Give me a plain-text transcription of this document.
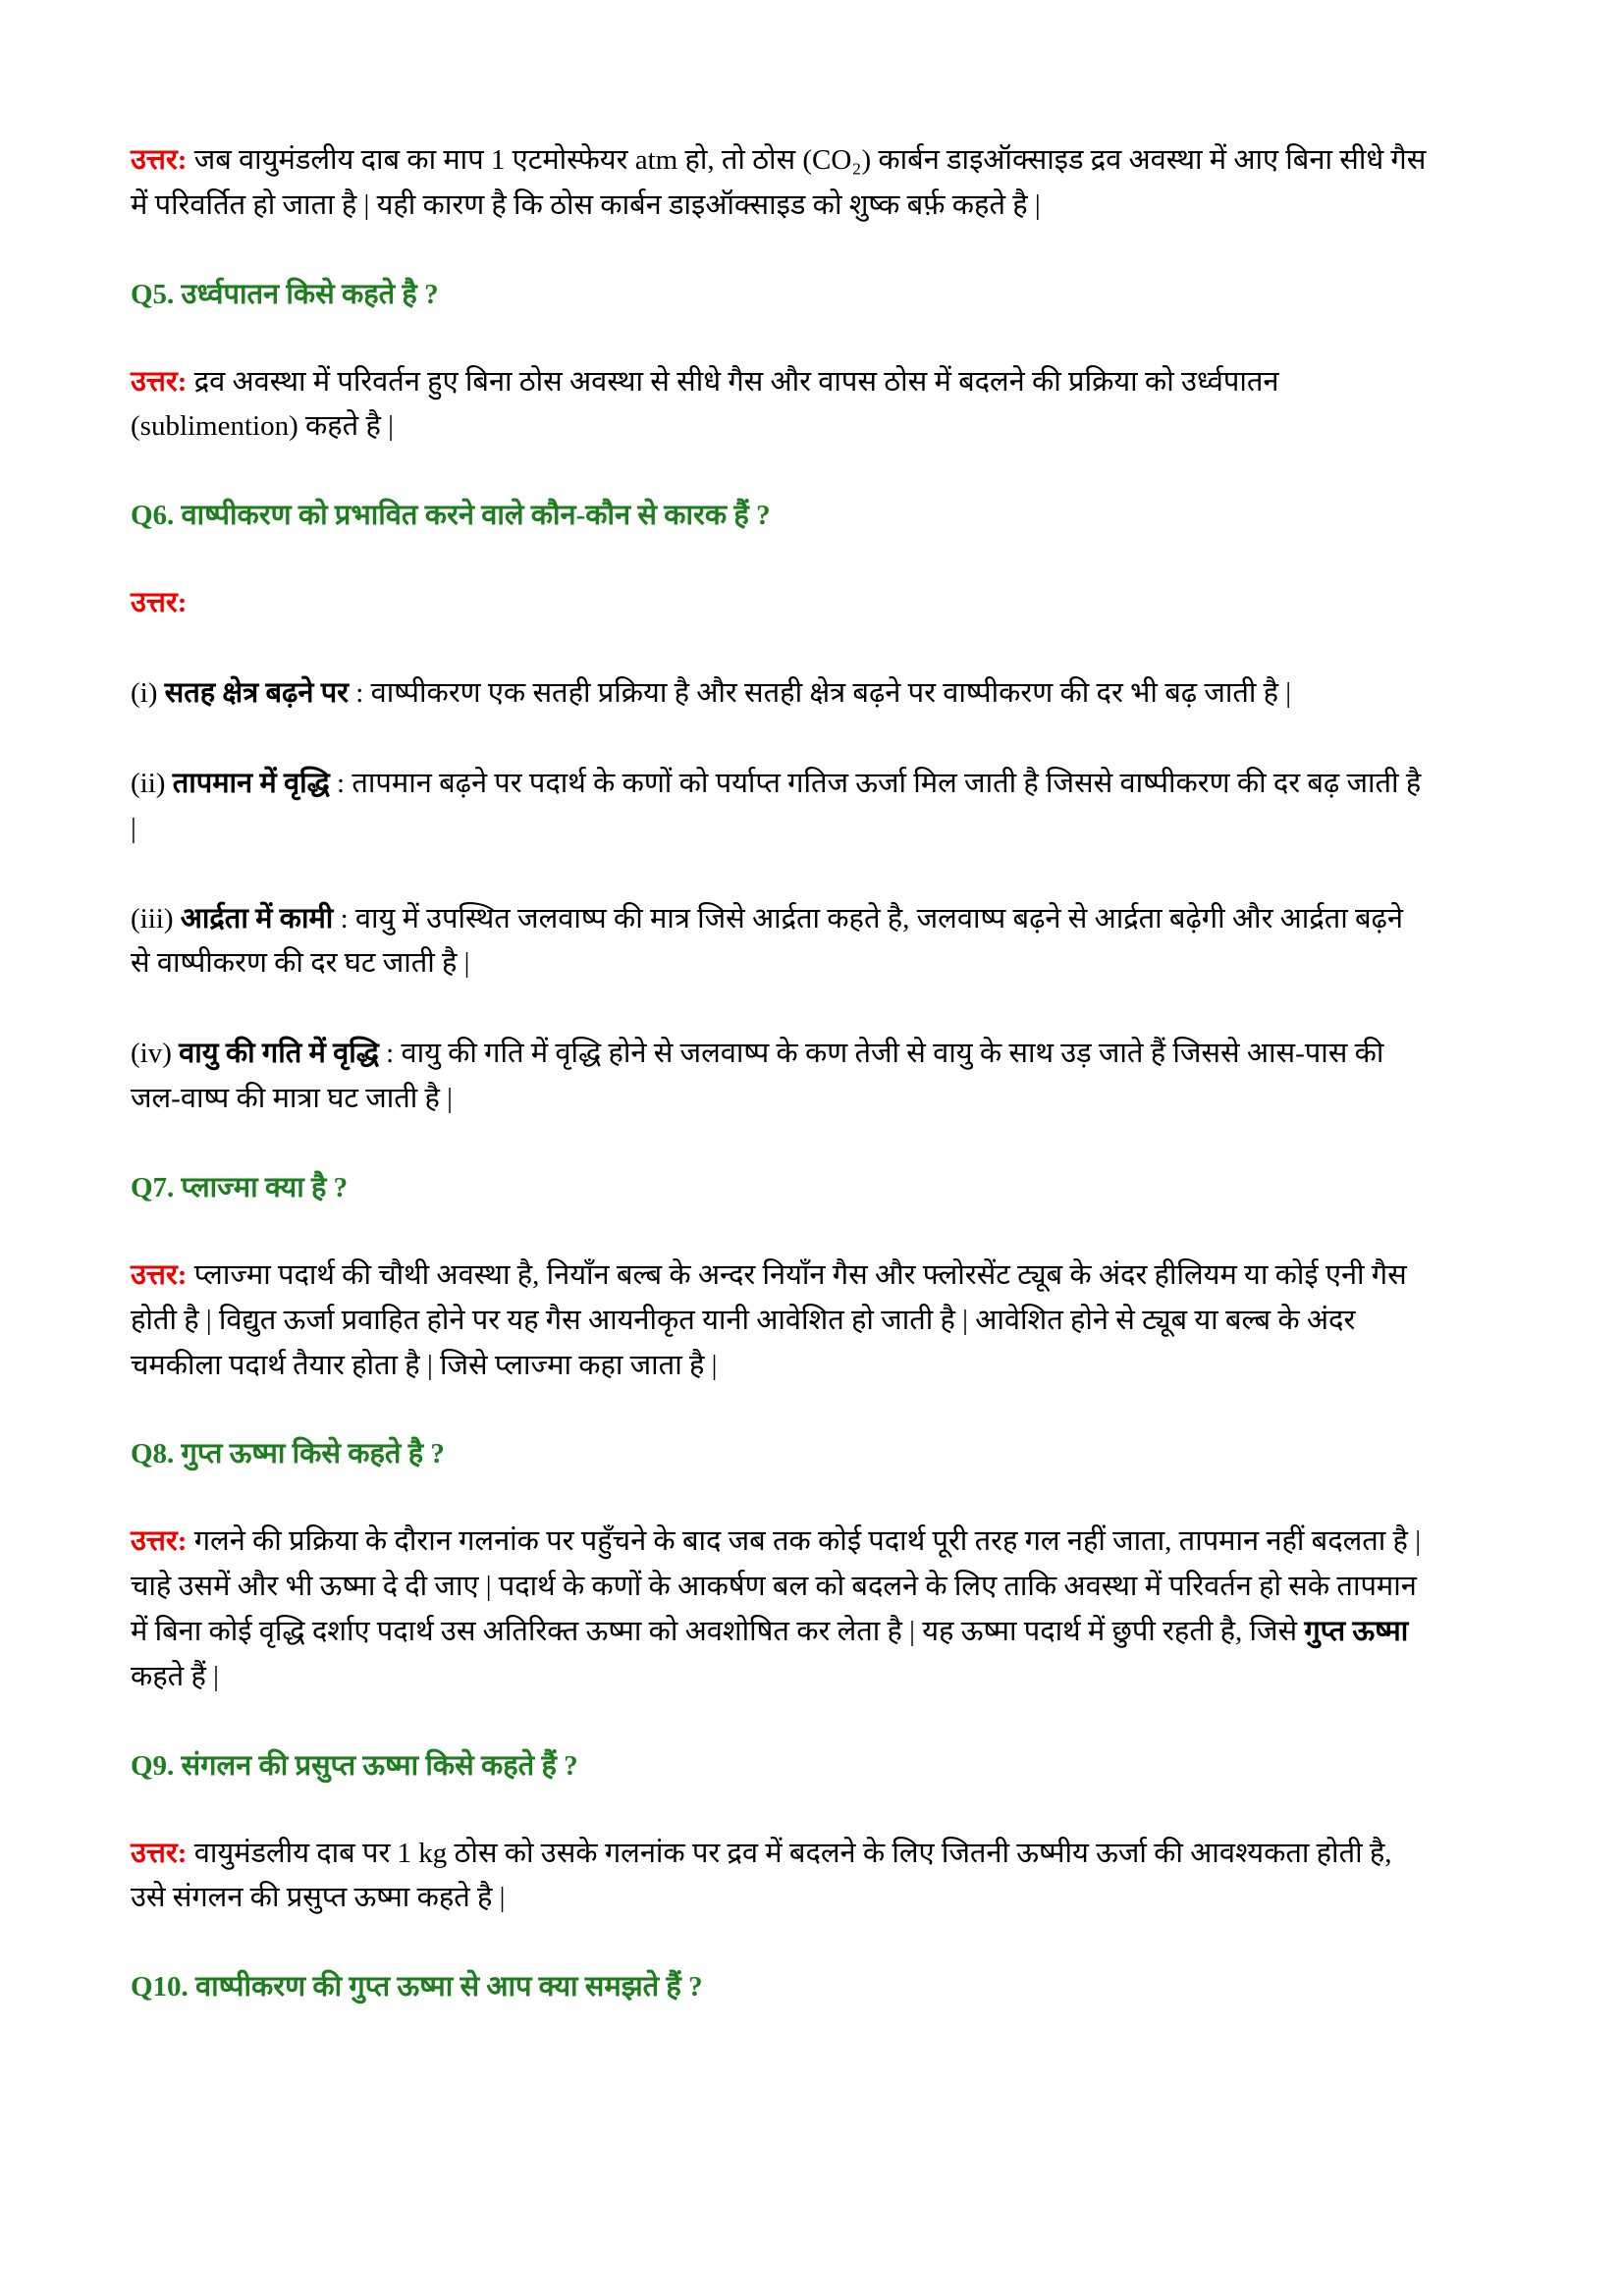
उत्तर: जब वायुमंडलीय दाब का माप 1 एटमोस्फेयर atm हो, तो ठोस (CO₂) कार्बन डाइऑक्साइड द्रव अवस्था में आए बिना सीधे गैस में परिवर्तित हो जाता है | यही कारण है कि ठोस कार्बन डाइऑक्साइड को शुष्क बर्फ़ कहते है |

Q5. उर्ध्वपातन किसे कहते है ?

उत्तर: द्रव अवस्था में परिवर्तन हुए बिना ठोस अवस्था से सीधे गैस और वापस ठोस में बदलने की प्रक्रिया को उर्ध्वपातन (sublimention) कहते है |

Q6. वाष्पीकरण को प्रभावित करने वाले कौन-कौन से कारक हैं ?

उत्तर:

(i) सतह क्षेत्र बढ़ने पर : वाष्पीकरण एक सतही प्रक्रिया है और सतही क्षेत्र बढ़ने पर वाष्पीकरण की दर भी बढ़ जाती है |

(ii) तापमान में वृद्धि : तापमान बढ़ने पर पदार्थ के कणों को पर्याप्त गतिज ऊर्जा मिल जाती है जिससे वाष्पीकरण की दर बढ़ जाती है |

(iii) आर्द्रता में कामी : वायु में उपस्थित जलवाष्प की मात्र जिसे आर्द्रता कहते है, जलवाष्प बढ़ने से आर्द्रता बढ़ेगी और आर्द्रता बढ़ने से वाष्पीकरण की दर घट जाती है |

(iv) वायु की गति में वृद्धि : वायु की गति में वृद्धि होने से जलवाष्प के कण तेजी से वायु के साथ उड़ जाते हैं जिससे आस-पास की जल-वाष्प की मात्रा घट जाती है |

Q7. प्लाज्मा क्या है ?

उत्तर: प्लाज्मा पदार्थ की चौथी अवस्था है, नियाँन बल्ब के अन्दर नियाँन गैस और फ्लोरसेंट ट्यूब के अंदर हीलियम या कोई एनी गैस होती है | विद्युत ऊर्जा प्रवाहित होने पर यह गैस आयनीकृत यानी आवेशित हो जाती है | आवेशित होने से ट्यूब या बल्ब के अंदर चमकीला पदार्थ तैयार होता है | जिसे प्लाज्मा कहा जाता है |

Q8. गुप्त ऊष्मा किसे कहते है ?

उत्तर: गलने की प्रक्रिया के दौरान गलनांक पर पहुँचने के बाद जब तक कोई पदार्थ पूरी तरह गल नहीं जाता, तापमान नहीं बदलता है | चाहे उसमें और भी ऊष्मा दे दी जाए | पदार्थ के कणों के आकर्षण बल को बदलने के लिए ताकि अवस्था में परिवर्तन हो सके तापमान में बिना कोई वृद्धि दर्शाए पदार्थ उस अतिरिक्त ऊष्मा को अवशोषित कर लेता है | यह ऊष्मा पदार्थ में छुपी रहती है, जिसे गुप्त ऊष्मा कहते हैं |

Q9. संगलन की प्रसुप्त ऊष्मा किसे कहते हैं ?

उत्तर: वायुमंडलीय दाब पर 1 kg ठोस को उसके गलनांक पर द्रव में बदलने के लिए जितनी ऊष्मीय ऊर्जा की आवश्यकता होती है, उसे संगलन की प्रसुप्त ऊष्मा कहते है |

Q10. वाष्पीकरण की गुप्त ऊष्मा से आप क्या समझते हैं ?
